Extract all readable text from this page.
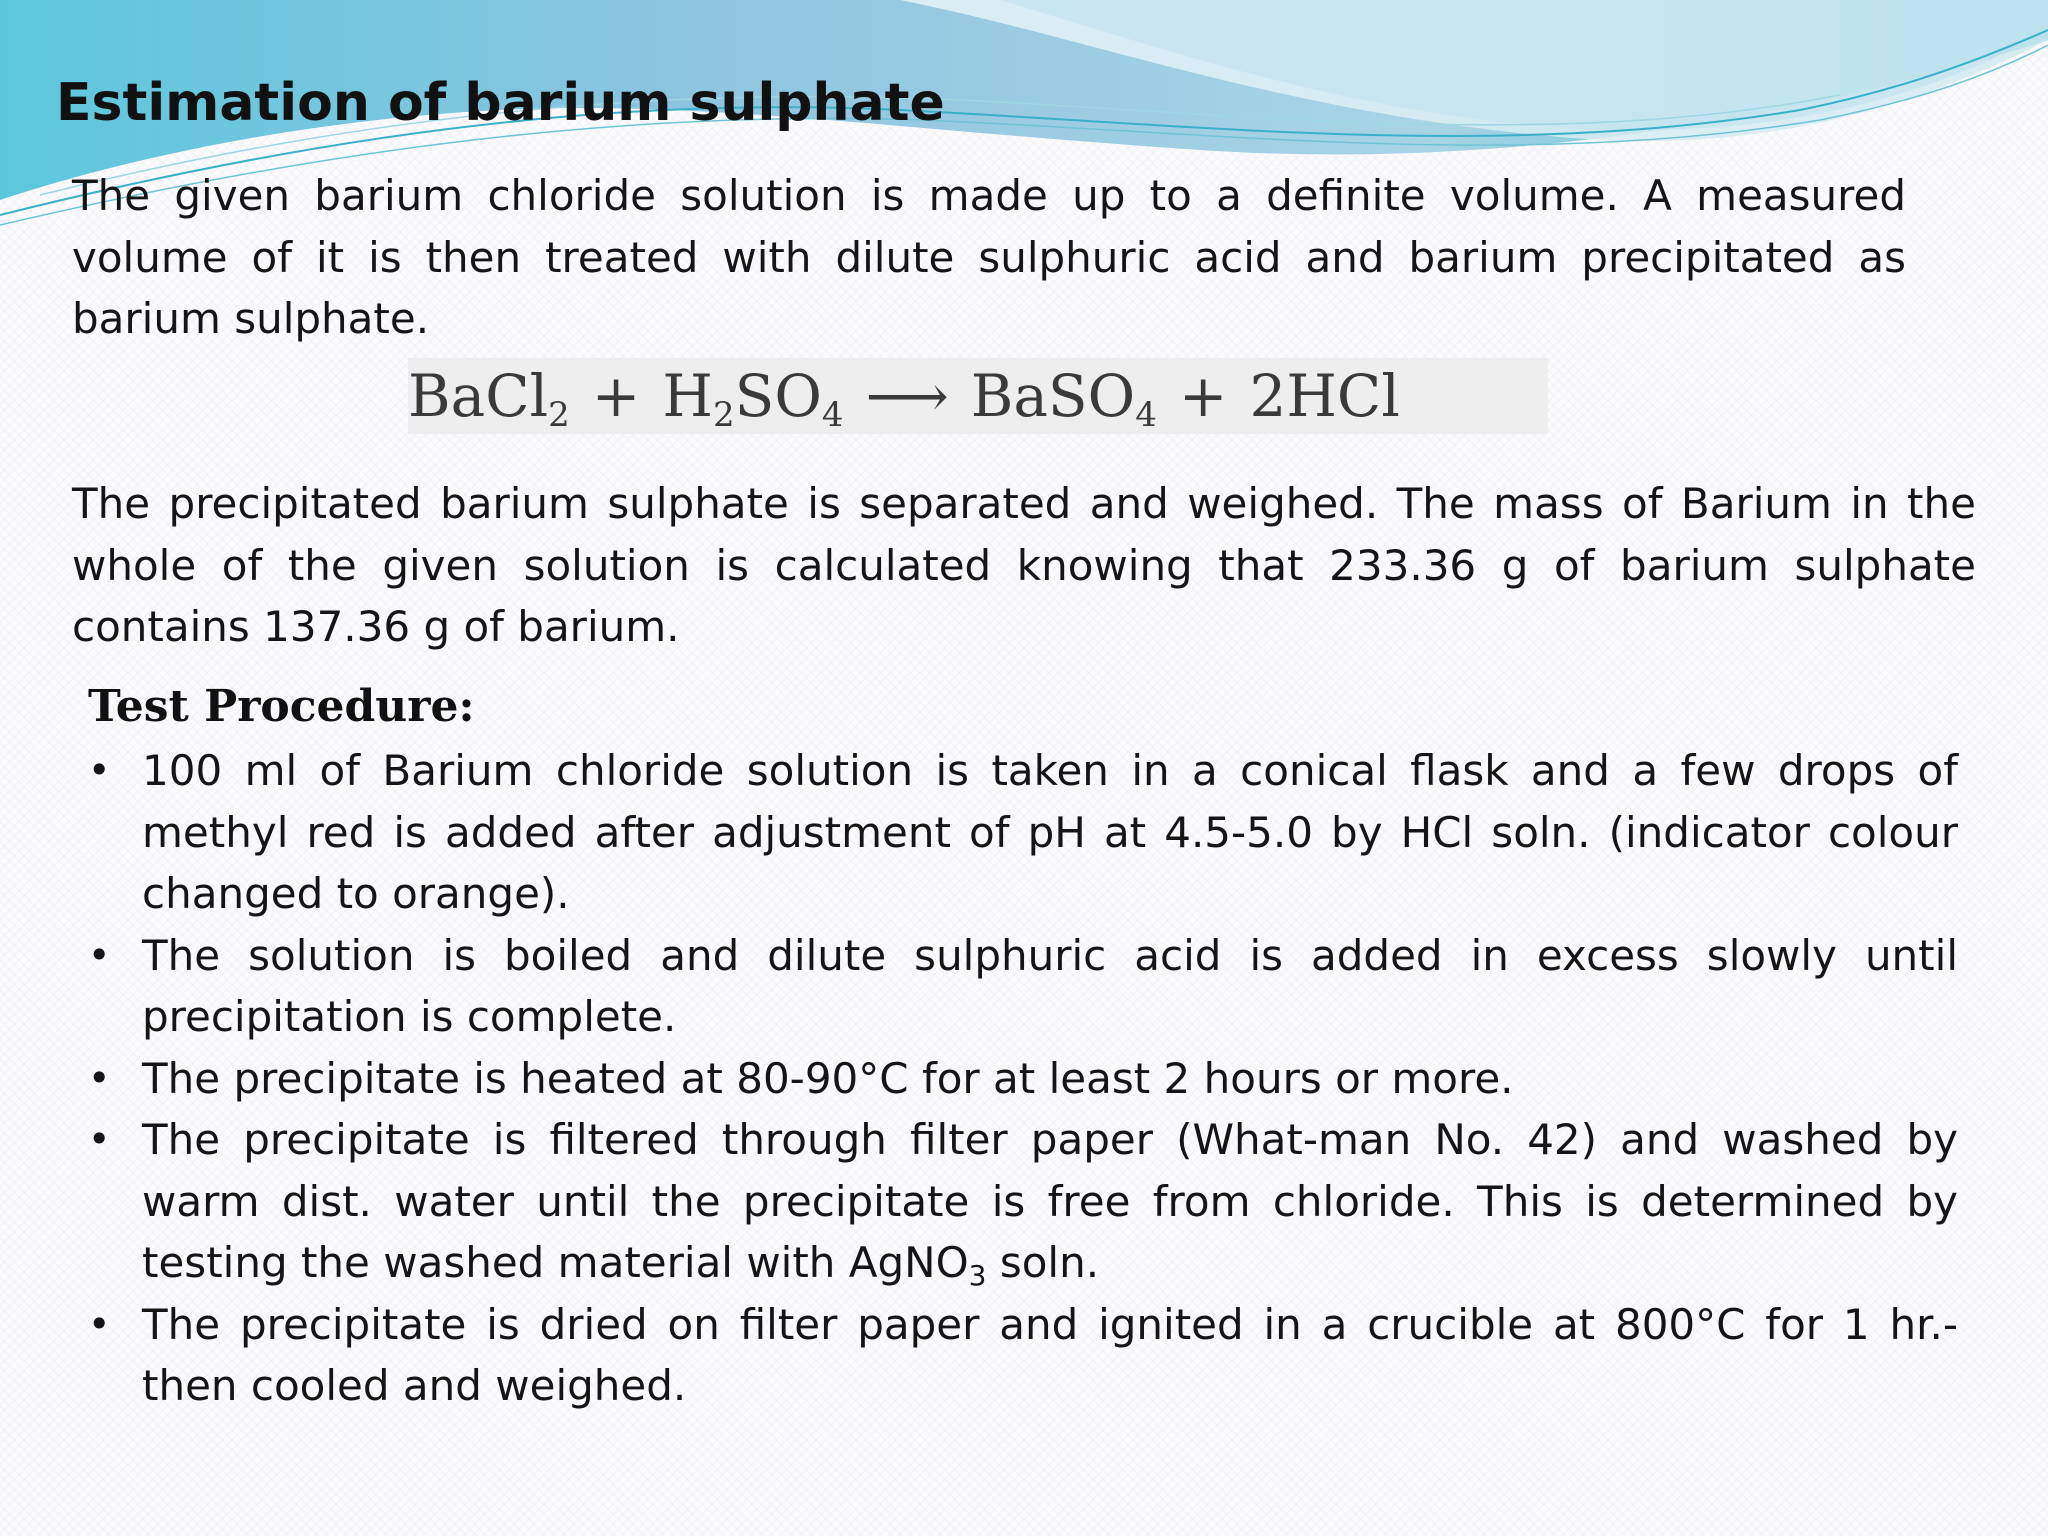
Estimation of barium sulphate

The given barium chloride solution is made up to a definite volume. A measured volume of it is then treated with dilute sulphuric acid and barium precipitated as barium sulphate.

BaCl$_2$ + $H_2SO_4$ ⟶ BaSO$_4$ + 2HCl

The precipitated barium sulphate is separated and weighed. The mass of Barium in the whole of the given solution is calculated knowing that 233.36 g of barium sulphate contains 137.36 g of barium.

Test Procedure:
• 100 ml of Barium chloride solution is taken in a conical flask and a few drops of methyl red is added after adjustment of pH at 4.5-5.0 by HCl soln. (indicator colour changed to orange).
• The solution is boiled and dilute sulphuric acid is added in excess slowly until precipitation is complete.
• The precipitate is heated at 80-90°C for at least 2 hours or more.
• The precipitate is filtered through filter paper (What-man No. 42) and washed by warm dist. water until the precipitate is free from chloride. This is determined by testing the washed material with AgNO$_3$ soln.
• The precipitate is dried on filter paper and ignited in a crucible at 800°C for 1 hr.- then cooled and weighed.
